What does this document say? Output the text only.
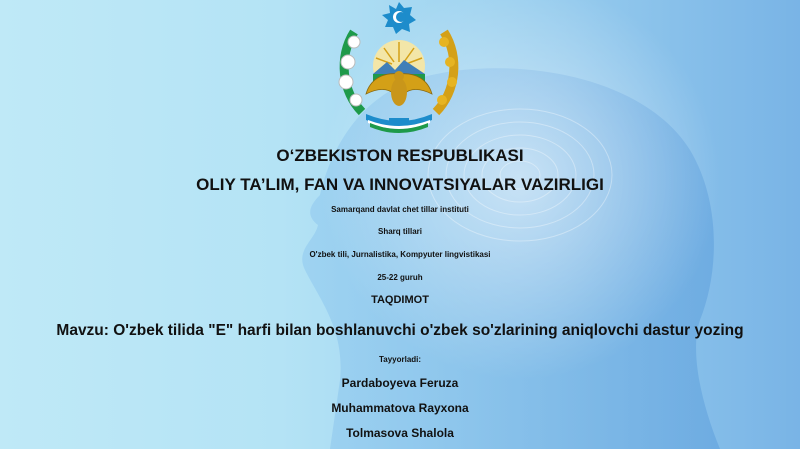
O‘ZBEKISTON RESPUBLIKASI
OLIY TA’LIM, FAN VA INNOVATSIYALAR VAZIRLIGI
Samarqand davlat chet tillar instituti
Sharq tillari
O'zbek tili, Jurnalistika, Kompyuter lingvistikasi
25-22 guruh
TAQDIMOT
Mavzu: O'zbek tilida "E" harfi bilan boshlanuvchi o'zbek so'zlarining aniqlovchi dastur yozing
Tayyorladi:
Pardaboyeva Feruza
Muhammatova Rayxona
Tolmasova Shalola
